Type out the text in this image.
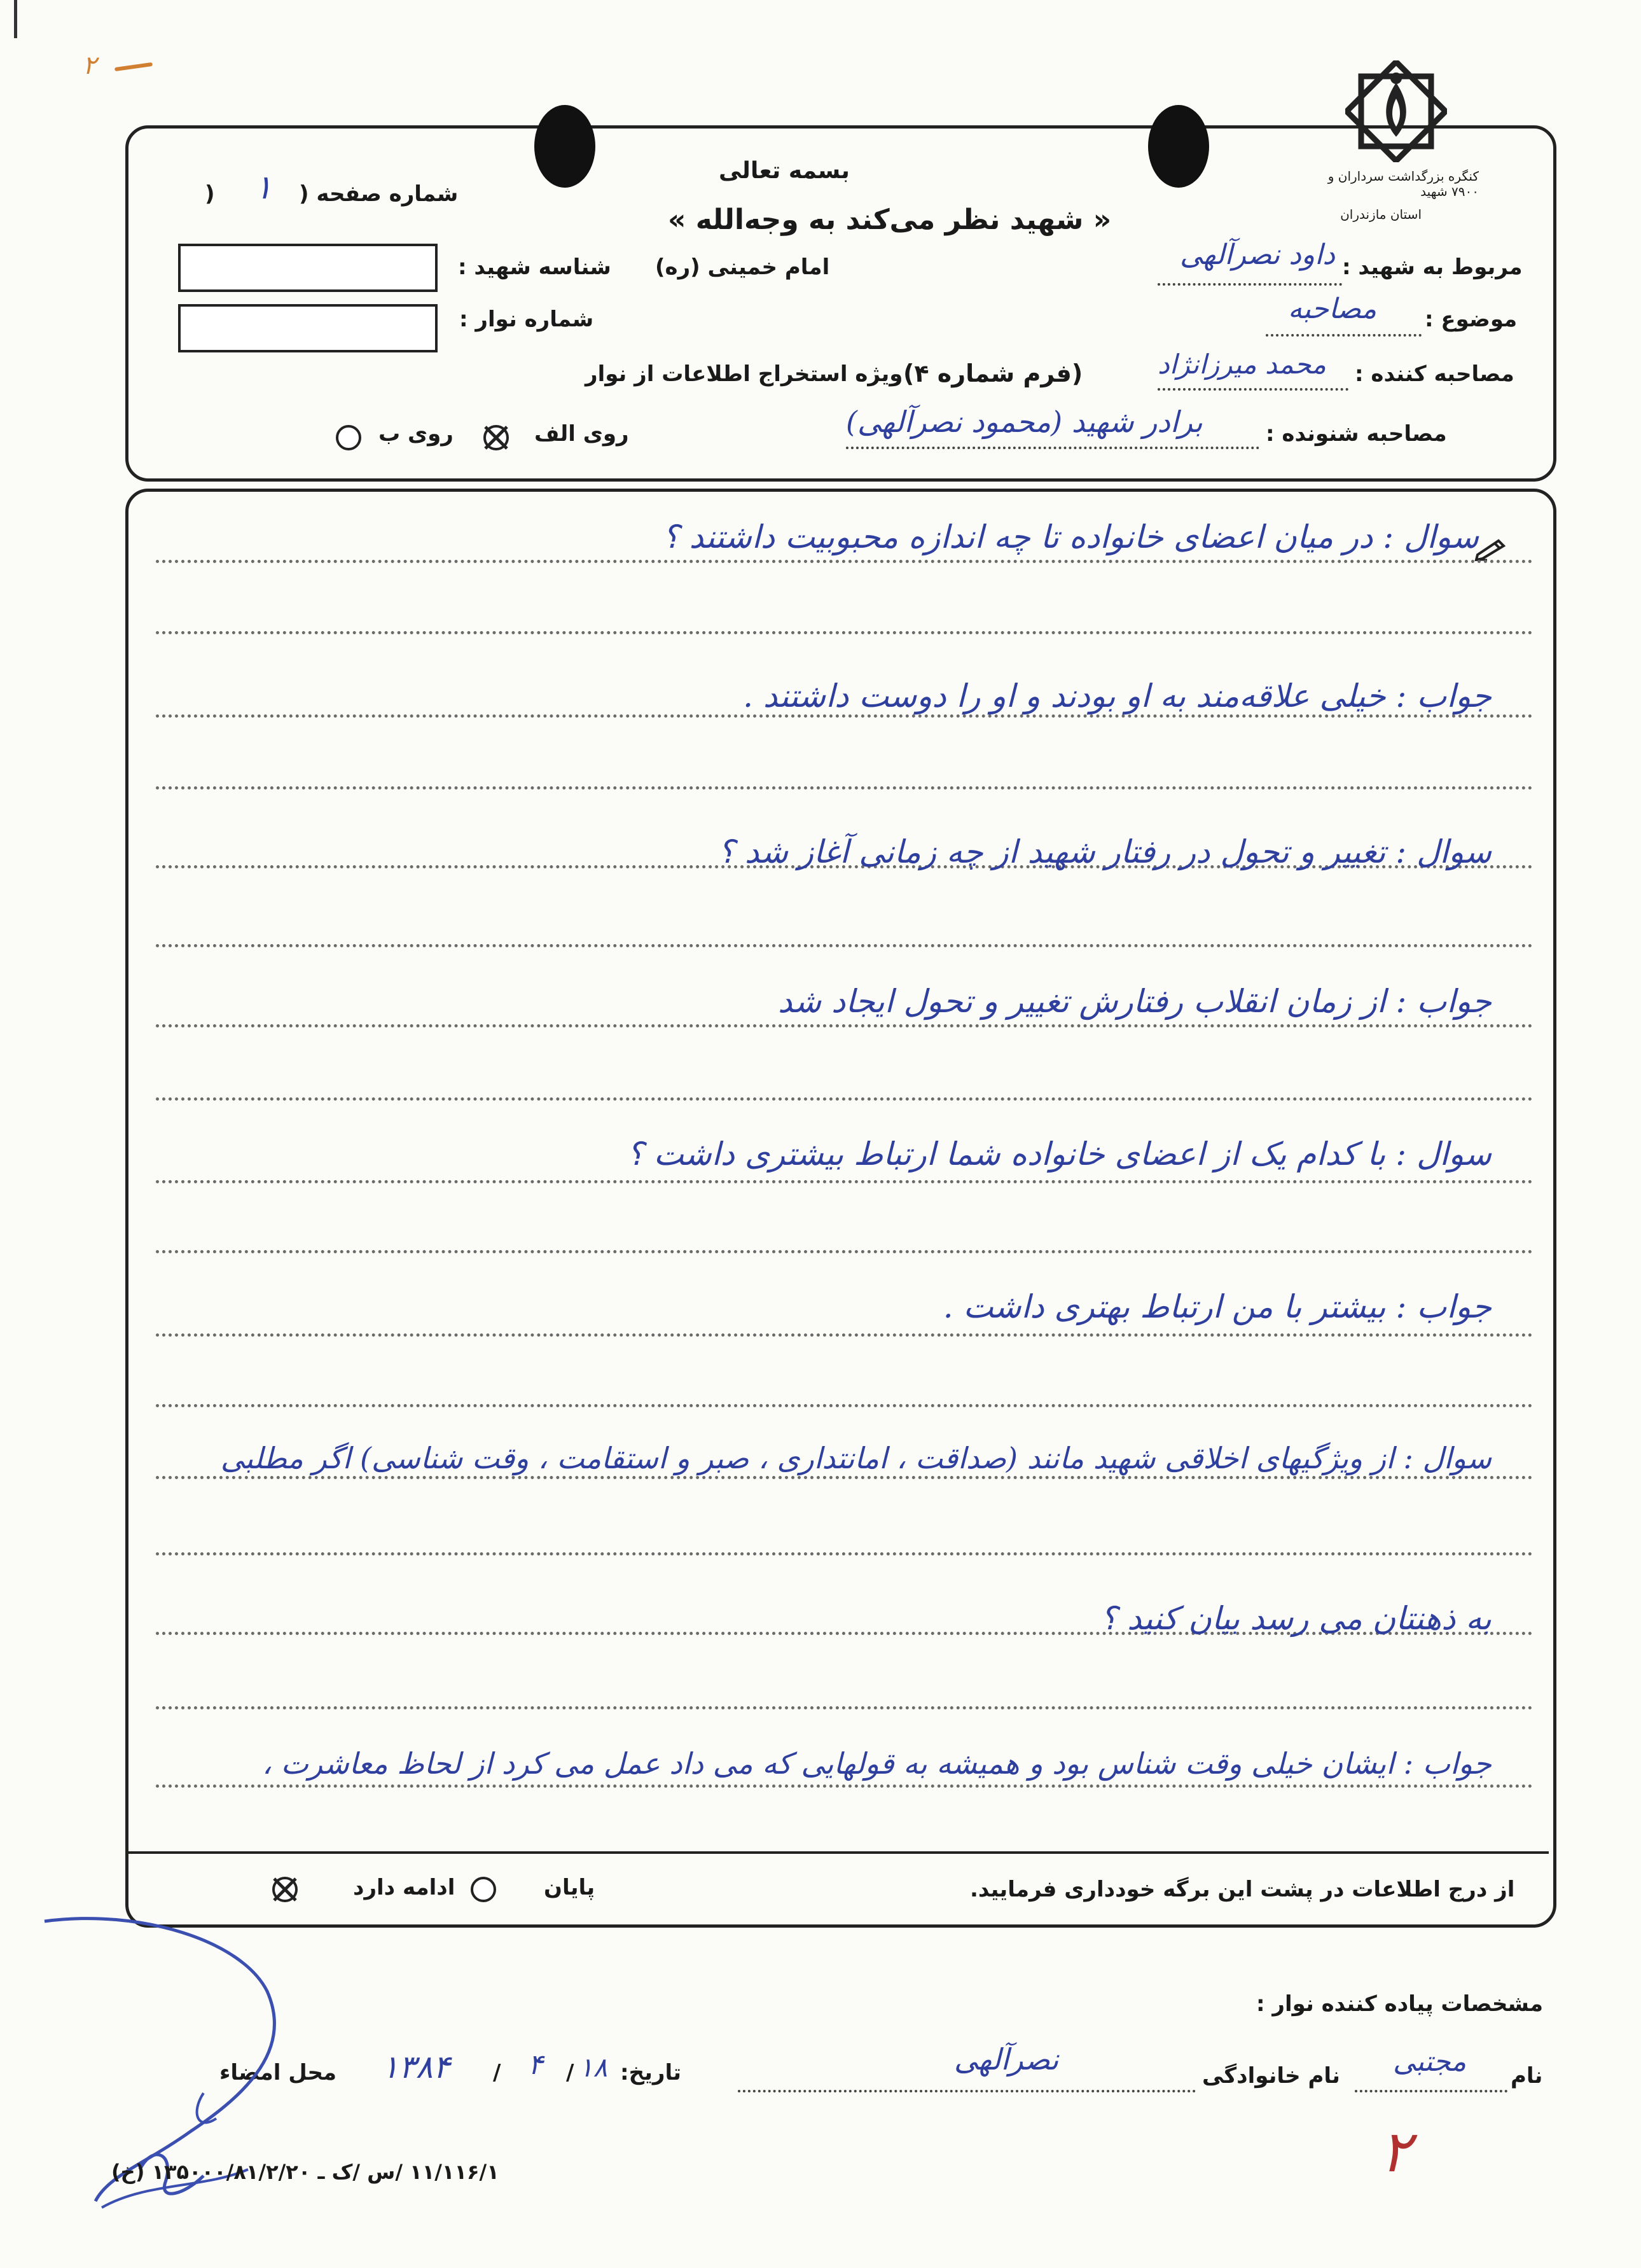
۲
کنگره بزرگداشت سرداران و ۷۹۰۰ شهید
استان مازندران
بسمه تعالی
« شهید نظر می‌کند به وجه‌الله »
امام خمینی (ره)
شماره صفحه (
۱
)
شناسه شهید :
شماره نوار :
(فرم شماره ۴)
ویژه استخراج اطلاعات از نوار
روی الف
روی ب
مربوط به شهید :
داود نصرآلهی
موضوع :
مصاحبه
مصاحبه کننده :
محمد میرزانژاد
مصاحبه شنونده :
برادر شهید (محمود نصرآلهی)
سوال : در میان اعضای خانواده تا چه اندازه محبوبیت داشتند ؟
جواب : خیلی علاقه‌مند به او بودند و او را دوست داشتند .
سوال : تغییر و تحول در رفتار شهید از چه زمانی آغاز شد ؟
جواب : از زمان انقلاب رفتارش تغییر و تحول ایجاد شد
سوال : با کدام یک از اعضای خانواده شما ارتباط بیشتری داشت ؟
جواب : بیشتر با من ارتباط بهتری داشت .
سوال : از ویژگیهای اخلاقی شهید مانند (صداقت ، امانتداری ، صبر و استقامت ، وقت شناسی) اگر مطلبی
به ذهنتان می رسد بیان کنید ؟
جواب : ایشان خیلی وقت شناس بود و همیشه به قولهایی که می داد عمل می کرد از لحاظ معاشرت ،
از درج اطلاعات در پشت این برگه خودداری فرمایید.
پایان
ادامه دارد
مشخصات پیاده کننده نوار :
نام
مجتبی
نام خانوادگی
نصرآلهی
تاریخ:
۱۸
/
۴
/
۱۳۸۴
محل امضاء
۱۱/۱۱۶/۱ /س /ک ـ ۱۳۵۰۰۰/۸۱/۲/۲۰ (خ)	۲
